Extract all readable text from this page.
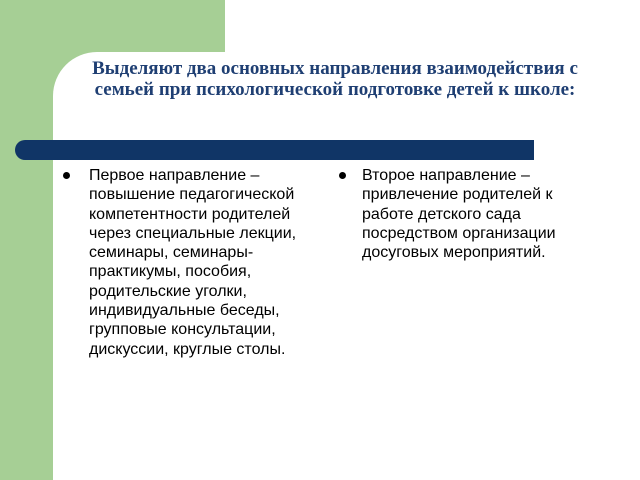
Выделяют два основных направления взаимодействия с семьей при психологической подготовке детей к школе:
Первое направление – повышение педагогической компетентности родителей через специальные лекции, семинары, семинары-практикумы, пособия, родительские уголки, индивидуальные беседы, групповые консультации, дискуссии, круглые столы.
Второе направление – привлечение родителей к работе детского сада посредством организации досуговых мероприятий.
